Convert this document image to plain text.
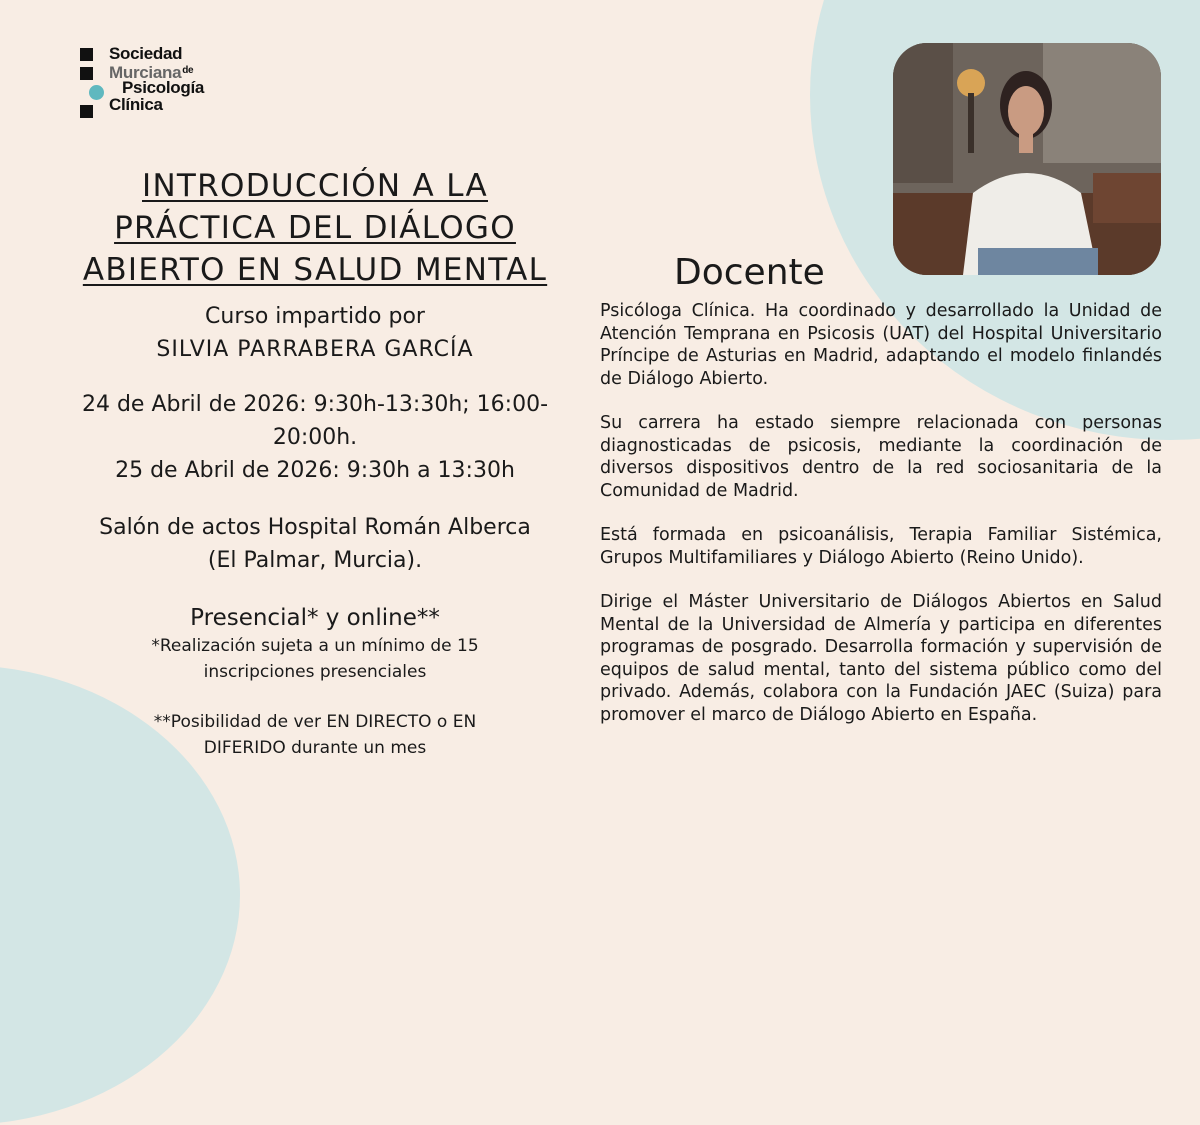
Sociedad
Murciana$^{de}$
Psicología
Clínica
INTRODUCCIÓN A LA
PRÁCTICA DEL DIÁLOGO
ABIERTO EN SALUD MENTAL
Curso impartido por
SILVIA PARRABERA GARCÍA
24 de Abril de 2026: 9:30h-13:30h; 16:00-
20:00h.
25 de Abril de 2026: 9:30h a 13:30h
Salón de actos Hospital Román Alberca
(El Palmar, Murcia).
Presencial* y online**
*Realización sujeta a un mínimo de 15
inscripciones presenciales
**Posibilidad de ver EN DIRECTO o EN
DIFERIDO durante un mes
Docente

Psicóloga Clínica. Ha coordinado y desarrollado la Unidad de Atención Temprana en Psicosis (UAT) del Hospital Universitario Príncipe de Asturias en Madrid, adaptando el modelo finlandés de Diálogo Abierto.

Su carrera ha estado siempre relacionada con personas diagnosticadas de psicosis, mediante la coordinación de diversos dispositivos dentro de la red sociosanitaria de la Comunidad de Madrid.

Está formada en psicoanálisis, Terapia Familiar Sistémica, Grupos Multifamiliares y Diálogo Abierto (Reino Unido).

Dirige el Máster Universitario de Diálogos Abiertos en Salud Mental de la Universidad de Almería y participa en diferentes programas de posgrado. Desarrolla formación y supervisión de equipos de salud mental, tanto del sistema público como del privado. Además, colabora con la Fundación JAEC (Suiza) para promover el marco de Diálogo Abierto en España.
